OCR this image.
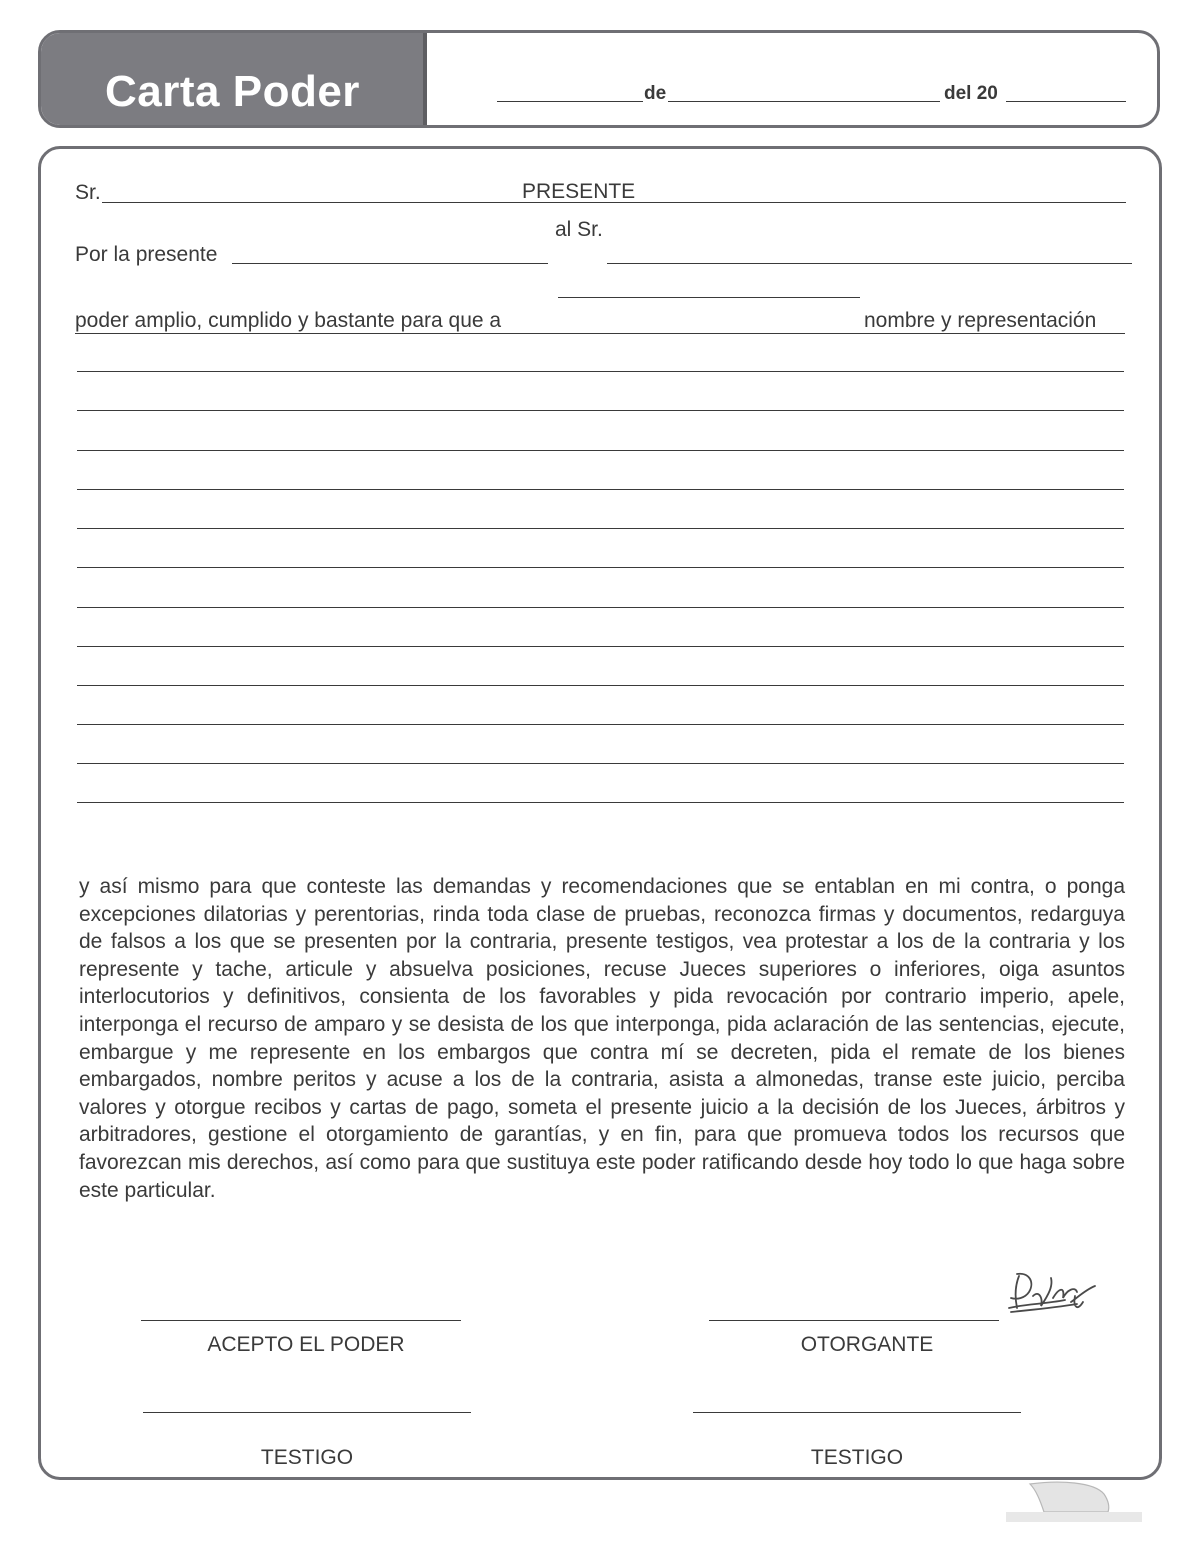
Carta Poder	de	del 20
Sr.	PRESENTE
al Sr.
Por la presente
poder amplio, cumplido y bastante para que a	nombre y representación
y así mismo para que conteste las demandas y recomendaciones que se entablan en mi contra, o ponga excepciones dilatorias y perentorias, rinda toda clase de pruebas, reconozca firmas y documentos, redarguya de falsos a los que se presenten por la contraria, presente testigos, vea protestar a los de la contraria y los represente y tache, articule y absuelva posiciones, recuse Jueces superiores o inferiores, oiga asuntos interlocutorios y definitivos, consienta de los favorables y pida revocación por contrario imperio, apele, interponga el recurso de amparo y se desista de los que interponga, pida aclaración de las sentencias, ejecute, embargue y me represente en los embargos que contra mí se decreten, pida el remate de los bienes embargados, nombre peritos y acuse a los de la contraria, asista a almonedas, transe este juicio, perciba valores y otorgue recibos y cartas de pago, someta el presente juicio a la decisión de los Jueces, árbitros y arbitradores, gestione el otorgamiento de garantías, y en fin, para que promueva todos los recursos que favorezcan mis derechos, así como para que sustituya este poder ratificando desde hoy todo lo que haga sobre este particular.
ACEPTO EL PODER	OTORGANTE
TESTIGO	TESTIGO
